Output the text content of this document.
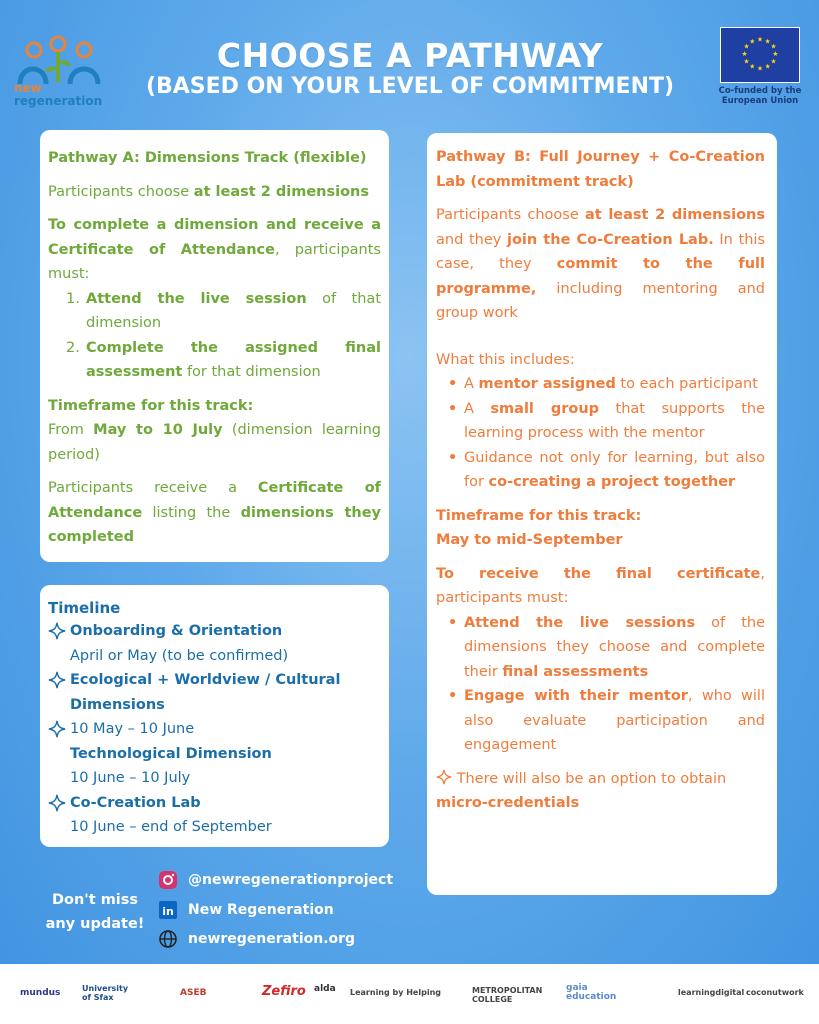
new
regeneration
CHOOSE A PATHWAY
(BASED ON YOUR LEVEL OF COMMITMENT)
★ ★
★
★
★
★
★
★
★
★
★
★
Co-funded by the European Union
Pathway A: Dimensions Track (flexible)
Participants choose at least 2 dimensions
To complete a dimension and receive a Certificate of Attendance, participants must:
1. Attend the live session of that dimension
2. Complete the assigned final assessment for that dimension
Timeframe for this track:
From May to 10 July (dimension learning period)
Participants receive a Certificate of Attendance listing the dimensions they completed
Timeline
Onboarding & Orientation
April or May (to be confirmed)
Ecological + Worldview / Cultural
Dimensions
10 May – 10 June
Technological Dimension
10 June – 10 July
Co-Creation Lab
10 June – end of September
Pathway B: Full Journey + Co-Creation Lab (commitment track)
Participants choose at least 2 dimensions and they join the Co-Creation Lab. In this case, they commit to the full programme, including mentoring and group work
What this includes:
• A mentor assigned to each participant
• A small group that supports the learning process with the mentor
• Guidance not only for learning, but also for co-creating a project together
Timeframe for this track:
May to mid-September
To receive the final certificate, participants must:
• Attend the live sessions of the dimensions they choose and complete their final assessments
• Engage with their mentor, who will also evaluate participation and engagement
There will also be an option to obtain micro-credentials
Don't miss any update!
@newregenerationproject
in New Regeneration
newregeneration.org
mundus	University of Sfax	ASEB	Zefiro alda Learning by Helping	METROPOLITAN COLLEGE
gaia education	learningdigital coconutwork
